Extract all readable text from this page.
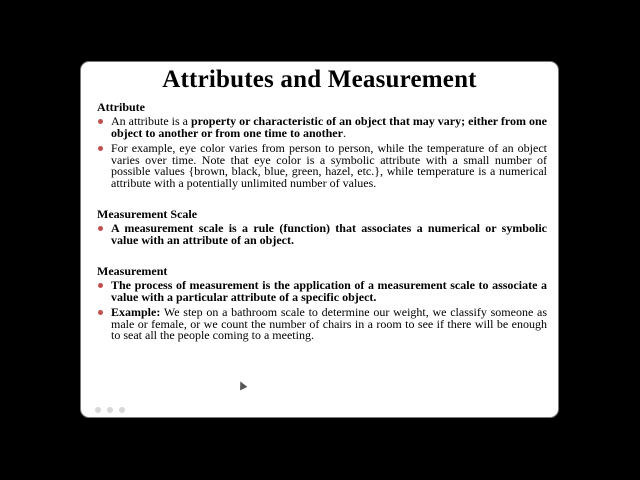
Attributes and Measurement
Attribute
An attribute is a property or characteristic of an object that may vary; either from one object to another or from one time to another.
For example, eye color varies from person to person, while the temperature of an object varies over time. Note that eye color is a symbolic attribute with a small number of possible values {brown, black, blue, green, hazel, etc.}, while temperature is a numerical attribute with a potentially unlimited number of values.
Measurement Scale
A measurement scale is a rule (function) that associates a numerical or symbolic value with an attribute of an object.
Measurement
The process of measurement is the application of a measurement scale to associate a value with a particular attribute of a specific object.
Example: We step on a bathroom scale to determine our weight, we classify someone as male or female, or we count the number of chairs in a room to see if there will be enough to seat all the people coming to a meeting.
